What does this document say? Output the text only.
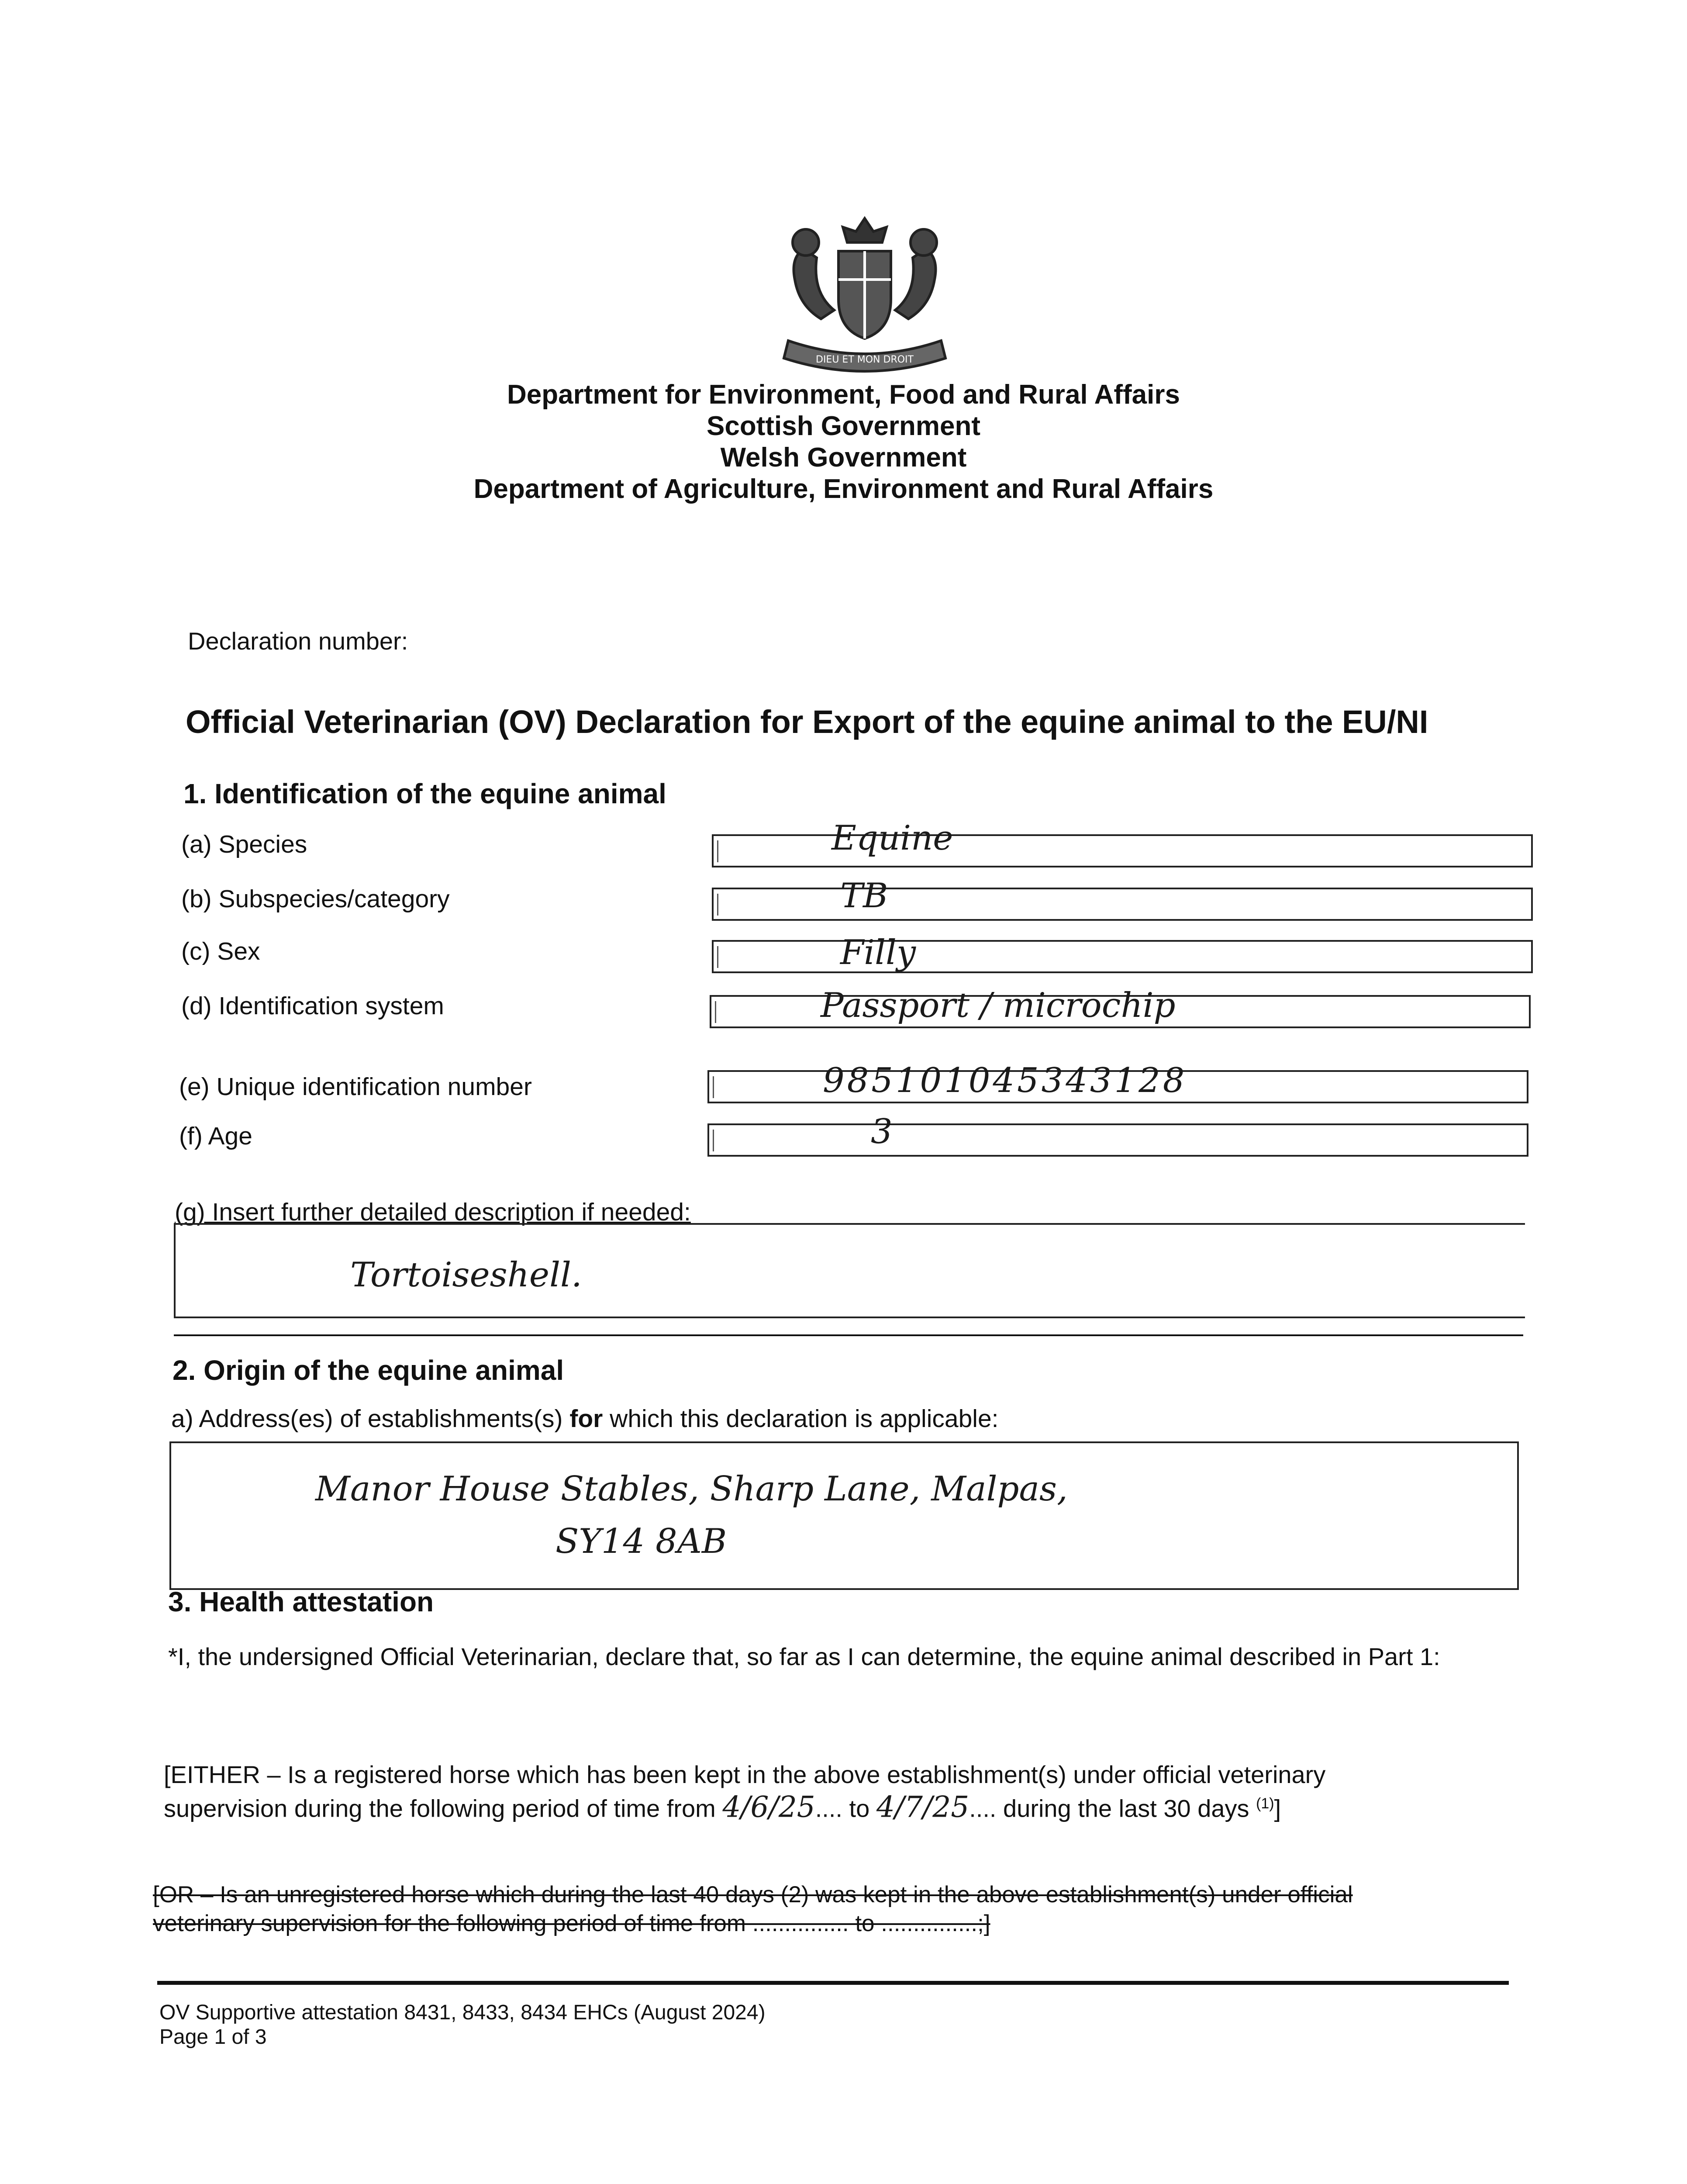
DIEU ET MON DROIT
Department for Environment, Food and Rural Affairs
Scottish Government
Welsh Government
Department of Agriculture, Environment and Rural Affairs
Declaration number:
Official Veterinarian (OV) Declaration for Export of the equine animal to the EU/NI
1. Identification of the equine animal
(a) Species	Equine
(b) Subspecies/category	TB
(c) Sex	Filly
(d) Identification system	Passport / microchip
(e) Unique identification number	985101045343128
(f) Age	3
(g) Insert further detailed description if needed:
Tortoiseshell.
2. Origin of the equine animal
a) Address(es) of establishments(s) for which this declaration is applicable:
Manor House Stables, Sharp Lane, Malpas,
SY14 8AB
3. Health attestation
*I, the undersigned Official Veterinarian, declare that, so far as I can determine, the equine animal described in Part 1:
[EITHER – Is a registered horse which has been kept in the above establishment(s) under official veterinary
supervision during the following period of time from 4/6/25.... to 4/7/25.... during the last 30 days $^{(1)}$]
[OR – Is an unregistered horse which during the last 40 days (2) was kept in the above establishment(s) under official
veterinary supervision for the following period of time from ............... to ...............;]
OV Supportive attestation 8431, 8433, 8434 EHCs (August 2024)
Page 1 of 3
